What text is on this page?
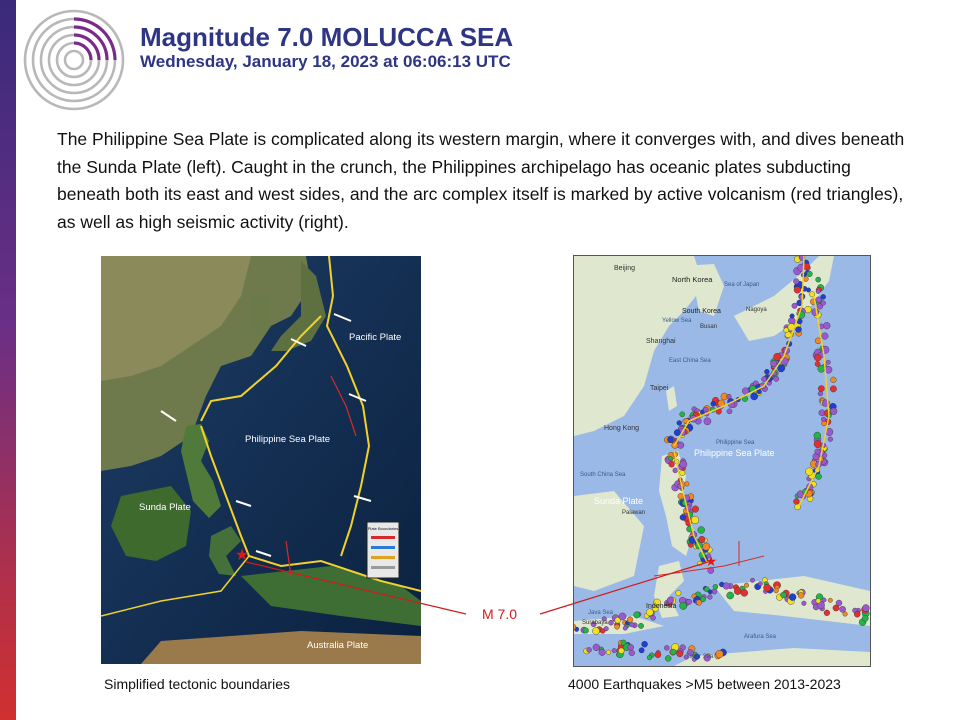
Magnitude 7.0 MOLUCCA SEA
Wednesday, January 18, 2023 at 06:06:13 UTC
The Philippine Sea Plate is complicated along its western margin, where it converges with, and dives beneath the Sunda Plate (left). Caught in the crunch, the Philippines archipelago has oceanic plates subducting beneath both its east and west sides, and the arc complex itself is marked by active volcanism (red triangles), as well as high seismic activity (right).
Plate Boundaries
★
Pacific Plate
Philippine Sea Plate
Sunda Plate
Australia Plate
★
Beijing
North Korea
South Korea
Busan
Nagoya
Sea of Japan
Yellow Sea
Shanghai
East China Sea
Taipei
Hong Kong
Philippine Sea
Philippine Sea Plate
South China Sea
Sunda Plate
Palawan
Indonesia
Java Sea
Surabaya
Arafura Sea
Timor Sea
M 7.0
Simplified tectonic boundaries	4000 Earthquakes >M5 between 2013-2023
